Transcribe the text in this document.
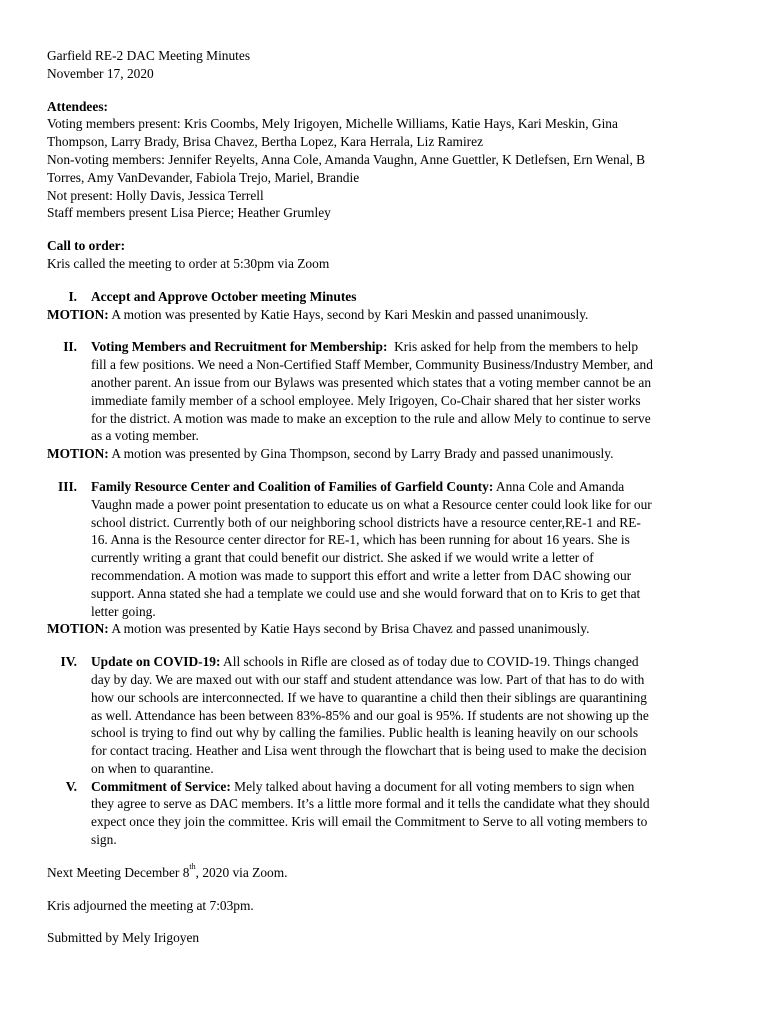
Garfield RE-2 DAC Meeting Minutes
November 17, 2020
Attendees:
Voting members present: Kris Coombs, Mely Irigoyen, Michelle Williams, Katie Hays, Kari Meskin, Gina
Thompson, Larry Brady, Brisa Chavez, Bertha Lopez, Kara Herrala, Liz Ramirez
Non-voting members: Jennifer Reyelts, Anna Cole, Amanda Vaughn, Anne Guettler, K Detlefsen, Ern Wenal, B
Torres, Amy VanDevander, Fabiola Trejo, Mariel, Brandie
Not present: Holly Davis, Jessica Terrell
Staff members present Lisa Pierce; Heather Grumley
Call to order:
Kris called the meeting to order at 5:30pm via Zoom
I. Accept and Approve October meeting Minutes
MOTION: A motion was presented by Katie Hays, second by Kari Meskin and passed unanimously.
II. Voting Members and Recruitment for Membership:  Kris asked for help from the members to help
fill a few positions. We need a Non-Certified Staff Member, Community Business/Industry Member, and
another parent. An issue from our Bylaws was presented which states that a voting member cannot be an
immediate family member of a school employee. Mely Irigoyen, Co-Chair shared that her sister works
for the district. A motion was made to make an exception to the rule and allow Mely to continue to serve
as a voting member.
MOTION: A motion was presented by Gina Thompson, second by Larry Brady and passed unanimously.
III. Family Resource Center and Coalition of Families of Garfield County: Anna Cole and Amanda
Vaughn made a power point presentation to educate us on what a Resource center could look like for our
school district. Currently both of our neighboring school districts have a resource center,RE-1 and RE-
16. Anna is the Resource center director for RE-1, which has been running for about 16 years. She is
currently writing a grant that could benefit our district. She asked if we would write a letter of
recommendation. A motion was made to support this effort and write a letter from DAC showing our
support. Anna stated she had a template we could use and she would forward that on to Kris to get that
letter going.
MOTION: A motion was presented by Katie Hays second by Brisa Chavez and passed unanimously.
IV. Update on COVID-19: All schools in Rifle are closed as of today due to COVID-19. Things changed
day by day. We are maxed out with our staff and student attendance was low. Part of that has to do with
how our schools are interconnected. If we have to quarantine a child then their siblings are quarantining
as well. Attendance has been between 83%-85% and our goal is 95%. If students are not showing up the
school is trying to find out why by calling the families. Public health is leaning heavily on our schools
for contact tracing. Heather and Lisa went through the flowchart that is being used to make the decision
on when to quarantine.
V. Commitment of Service: Mely talked about having a document for all voting members to sign when
they agree to serve as DAC members. It’s a little more formal and it tells the candidate what they should
expect once they join the committee. Kris will email the Commitment to Serve to all voting members to
sign.
Next Meeting December 8th, 2020 via Zoom.
Kris adjourned the meeting at 7:03pm.
Submitted by Mely Irigoyen
